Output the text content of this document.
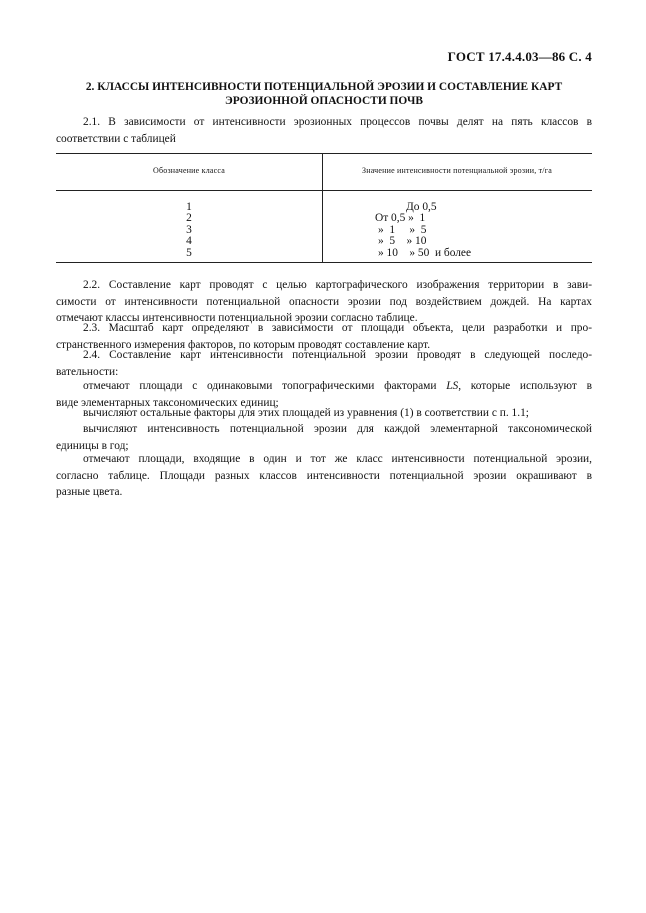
ГОСТ 17.4.4.03—86 С. 4
2. КЛАССЫ ИНТЕНСИВНОСТИ ПОТЕНЦИАЛЬНОЙ ЭРОЗИИ И СОСТАВЛЕНИЕ КАРТ
ЭРОЗИОННОЙ ОПАСНОСТИ ПОЧВ
2.1. В зависимости от интенсивности эрозионных процессов почвы делят на пять классов в
соответствии с таблицей
Обозначение класса	Значение интенсивности потенциальной эрозии, т/га
1
2
3
4
5
До 0,5
От 0,5 »  1
»  1     »  5
»  5    » 10
» 10    » 50  и более
2.2. Составление карт проводят с целью картографического изображения территории в зави-
симости от интенсивности потенциальной опасности эрозии под воздействием дождей. На картах
отмечают классы интенсивности потенциальной эрозии согласно таблице.
2.3. Масштаб карт определяют в зависимости от площади объекта, цели разработки и про-
странственного измерения факторов, по которым проводят составление карт.
2.4. Составление карт интенсивности потенциальной эрозии проводят в следующей последо-
вательности:
отмечают площади с одинаковыми топографическими факторами LS, которые используют в
виде элементарных таксономических единиц;
вычисляют остальные факторы для этих площадей из уравнения (1) в соответствии с п. 1.1;
вычисляют интенсивность потенциальной эрозии для каждой элементарной таксономической
единицы в год;
отмечают площади, входящие в один и тот же класс интенсивности потенциальной эрозии,
согласно таблице. Площади разных классов интенсивности потенциальной эрозии окрашивают в
разные цвета.
